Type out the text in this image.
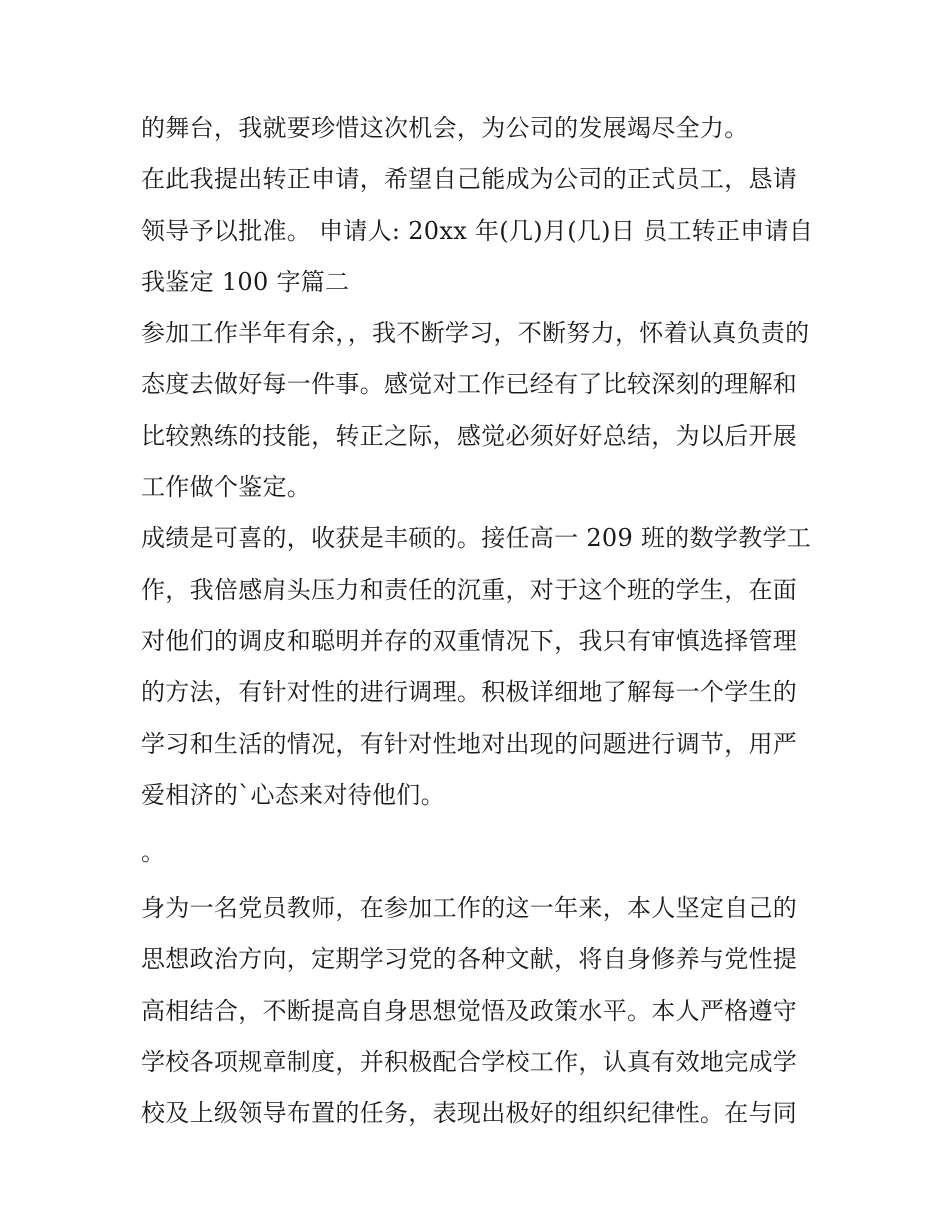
的舞台，我就要珍惜这次机会，为公司的发展竭尽全力。

在此我提出转正申请，希望自己能成为公司的正式员工，恳请领导予以批准。 申请人: 20xx 年(几)月(几)日 员工转正申请自我鉴定 100 字篇二

参加工作半年有余，，我不断学习，不断努力，怀着认真负责的态度去做好每一件事。感觉对工作已经有了比较深刻的理解和比较熟练的技能，转正之际，感觉必须好好总结，为以后开展工作做个鉴定。

成绩是可喜的，收获是丰硕的。接任高一 209 班的数学教学工作，我倍感肩头压力和责任的沉重，对于这个班的学生，在面对他们的调皮和聪明并存的双重情况下，我只有审慎选择管理的方法，有针对性的进行调理。积极详细地了解每一个学生的学习和生活的情况，有针对性地对出现的问题进行调节，用严爱相济的`心态来对待他们。

。

身为一名党员教师，在参加工作的这一年来，本人坚定自己的思想政治方向，定期学习党的各种文献，将自身修养与党性提高相结合，不断提高自身思想觉悟及政策水平。本人严格遵守学校各项规章制度，并积极配合学校工作，认真有效地完成学校及上级领导布置的任务，表现出极好的组织纪律性。在与同
